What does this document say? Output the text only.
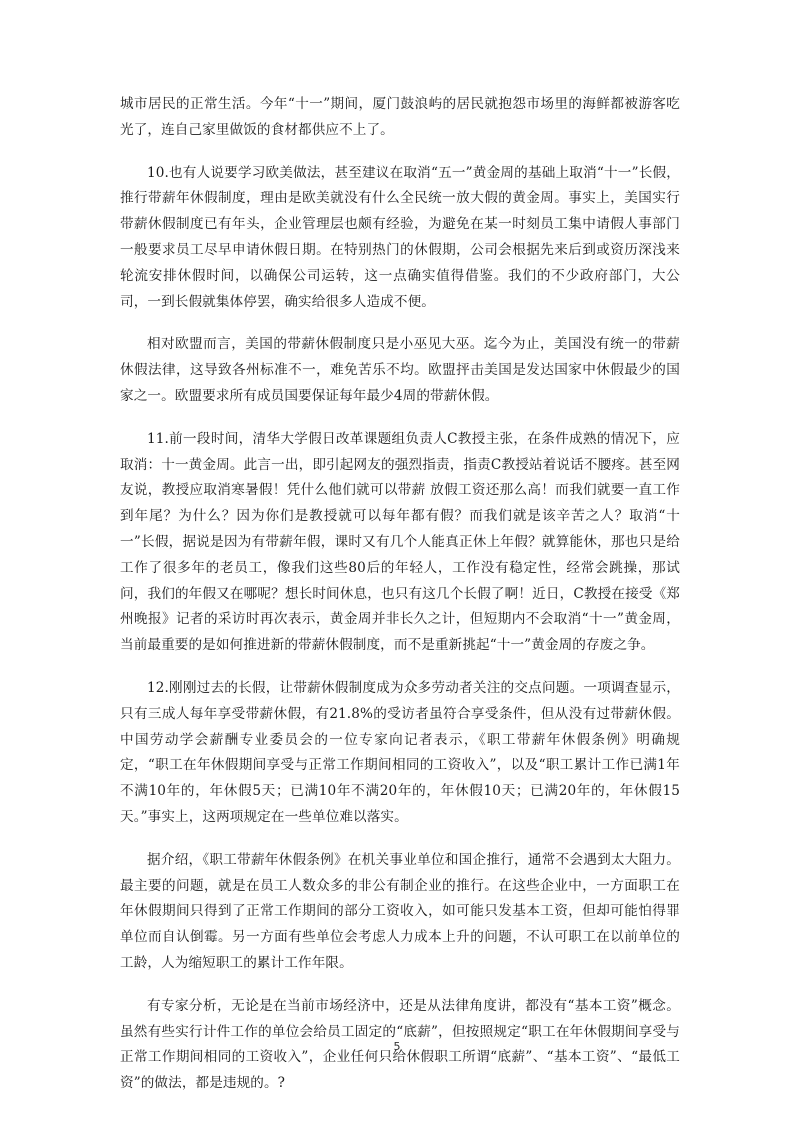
城市居民的正常生活。今年“十一”期间，厦门鼓浪屿的居民就抱怨市场里的海鲜都被游客吃光了，连自己家里做饭的食材都供应不上了。

10.也有人说要学习欧美做法，甚至建议在取消“五一”黄金周的基础上取消“十一”长假，推行带薪年休假制度，理由是欧美就没有什么全民统一放大假的黄金周。事实上，美国实行带薪休假制度已有年头，企业管理层也颇有经验，为避免在某一时刻员工集中请假人事部门一般要求员工尽早申请休假日期。在特别热门的休假期，公司会根据先来后到或资历深浅来轮流安排休假时间，以确保公司运转，这一点确实值得借鉴。我们的不少政府部门，大公司，一到长假就集体停罢，确实给很多人造成不便。

相对欧盟而言，美国的带薪休假制度只是小巫见大巫。迄今为止，美国没有统一的带薪休假法律，这导致各州标准不一，难免苦乐不均。欧盟抨击美国是发达国家中休假最少的国家之一。欧盟要求所有成员国要保证每年最少4周的带薪休假。

11.前一段时间，清华大学假日改革课题组负责人C教授主张，在条件成熟的情况下，应取消：十一黄金周。此言一出，即引起网友的强烈指责，指责C教授站着说话不腰疼。甚至网友说，教授应取消寒暑假！凭什么他们就可以带薪 放假工资还那么高！而我们就要一直工作到年尾？为什么？因为你们是教授就可以每年都有假？而我们就是该辛苦之人？取消“十一”长假，据说是因为有带薪年假，课时又有几个人能真正休上年假？就算能休，那也只是给工作了很多年的老员工，像我们这些80后的年轻人，工作没有稳定性，经常会跳操，那试问，我们的年假又在哪呢？想长时间休息，也只有这几个长假了啊！近日，C教授在接受《郑州晚报》记者的采访时再次表示，黄金周并非长久之计，但短期内不会取消“十一”黄金周，当前最重要的是如何推进新的带薪休假制度，而不是重新挑起“十一”黄金周的存废之争。

12.刚刚过去的长假，让带薪休假制度成为众多劳动者关注的交点问题。一项调查显示，只有三成人每年享受带薪休假，有21.8%的受访者虽符合享受条件，但从没有过带薪休假。中国劳动学会薪酬专业委员会的一位专家向记者表示，《职工带薪年休假条例》明确规定，“职工在年休假期间享受与正常工作期间相同的工资收入”，以及“职工累计工作已满1年不满10年的，年休假5天；已满10年不满20年的，年休假10天；已满20年的，年休假15天。”事实上，这两项规定在一些单位难以落实。

据介绍，《职工带薪年休假条例》在机关事业单位和国企推行，通常不会遇到太大阻力。最主要的问题，就是在员工人数众多的非公有制企业的推行。在这些企业中，一方面职工在年休假期间只得到了正常工作期间的部分工资收入，如可能只发基本工资，但却可能怕得罪单位而自认倒霉。另一方面有些单位会考虑人力成本上升的问题，不认可职工在以前单位的工龄，人为缩短职工的累计工作年限。

有专家分析，无论是在当前市场经济中，还是从法律角度讲，都没有“基本工资”概念。虽然有些实行计件工作的单位会给员工固定的“底薪”，但按照规定“职工在年休假期间享受与正常工作期间相同的工资收入”，企业任何只给休假职工所谓“底薪”、“基本工资”、“最低工资”的做法，都是违规的。?

5
